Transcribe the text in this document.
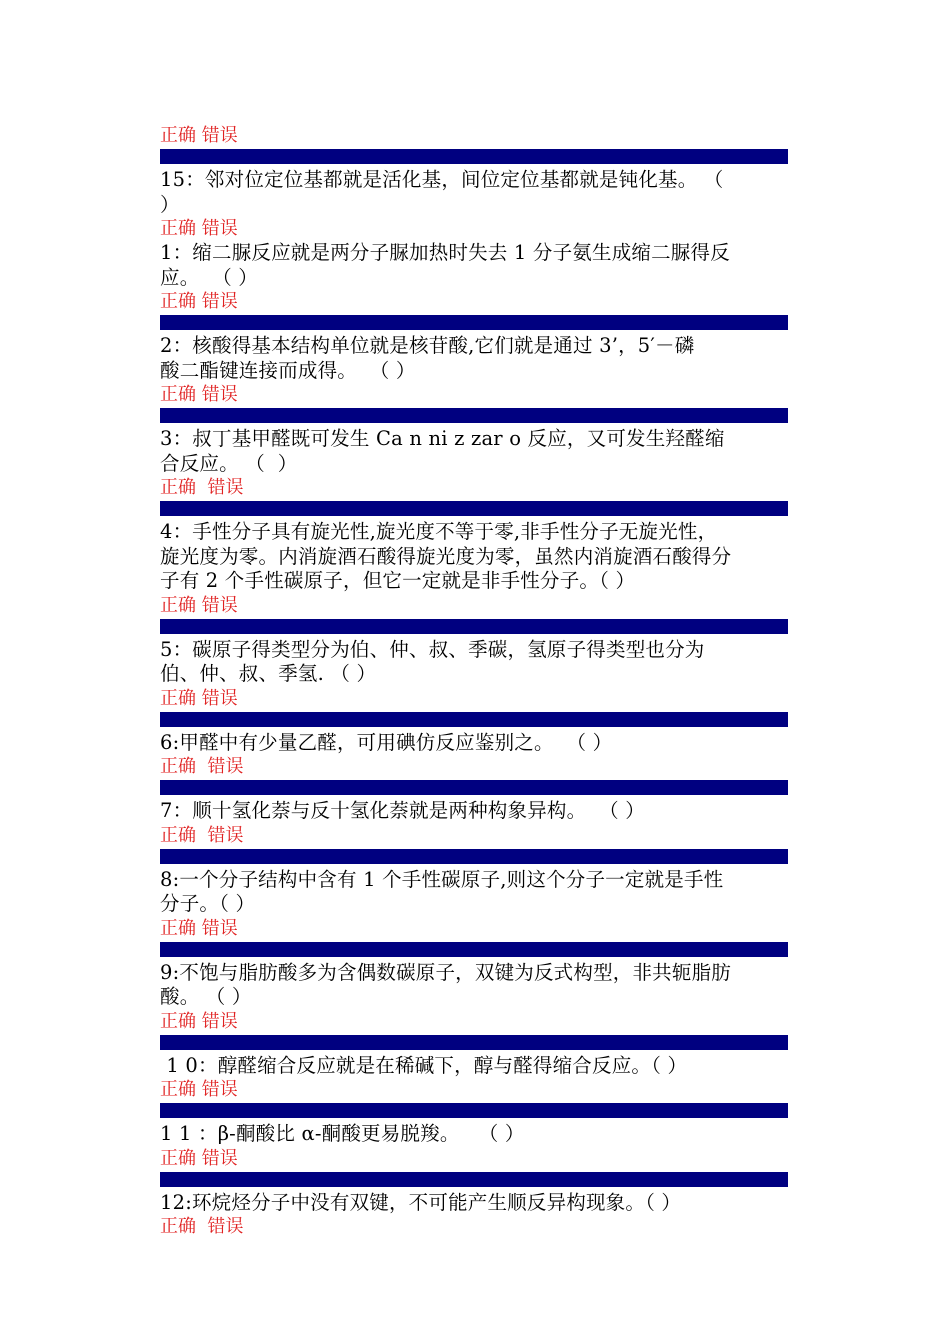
正确 错误
15：邻对位定位基都就是活化基，间位定位基都就是钝化基。 （
）
正确 错误
1：缩二脲反应就是两分子脲加热时失去 1 分子氨生成缩二脲得反
应。  （ ）
正确 错误
2：核酸得基本结构单位就是核苷酸,它们就是通过 3’，5′－磷
酸二酯键连接而成得。  （ ）
正确 错误
3：叔丁基甲醛既可发生 Ca n ni z zar o 反应，又可发生羟醛缩
合反应。 （  ）
正确  错误
4：手性分子具有旋光性,旋光度不等于零,非手性分子无旋光性，
旋光度为零。内消旋酒石酸得旋光度为零，虽然内消旋酒石酸得分
子有 2 个手性碳原子，但它一定就是非手性分子。（ ）
正确 错误
5：碳原子得类型分为伯、仲、叔、季碳，氢原子得类型也分为
伯、仲、叔、季氢. （ ）
正确 错误
6:甲醛中有少量乙醛，可用碘仿反应鉴别之。  （ ）
正确  错误
7：顺十氢化萘与反十氢化萘就是两种构象异构。  （ ）
正确  错误
8:一个分子结构中含有 1 个手性碳原子,则这个分子一定就是手性
分子。（ ）
正确 错误
9:不饱与脂肪酸多为含偶数碳原子，双键为反式构型，非共轭脂肪
酸。 （ ）
正确 错误
1 0：醇醛缩合反应就是在稀碱下，醇与醛得缩合反应。（ ）
正确 错误
1 1 ：β-酮酸比 α-酮酸更易脱羧。   （ ）
正确 错误
12:环烷烃分子中没有双键，不可能产生顺反异构现象。（ ）
正确  错误
